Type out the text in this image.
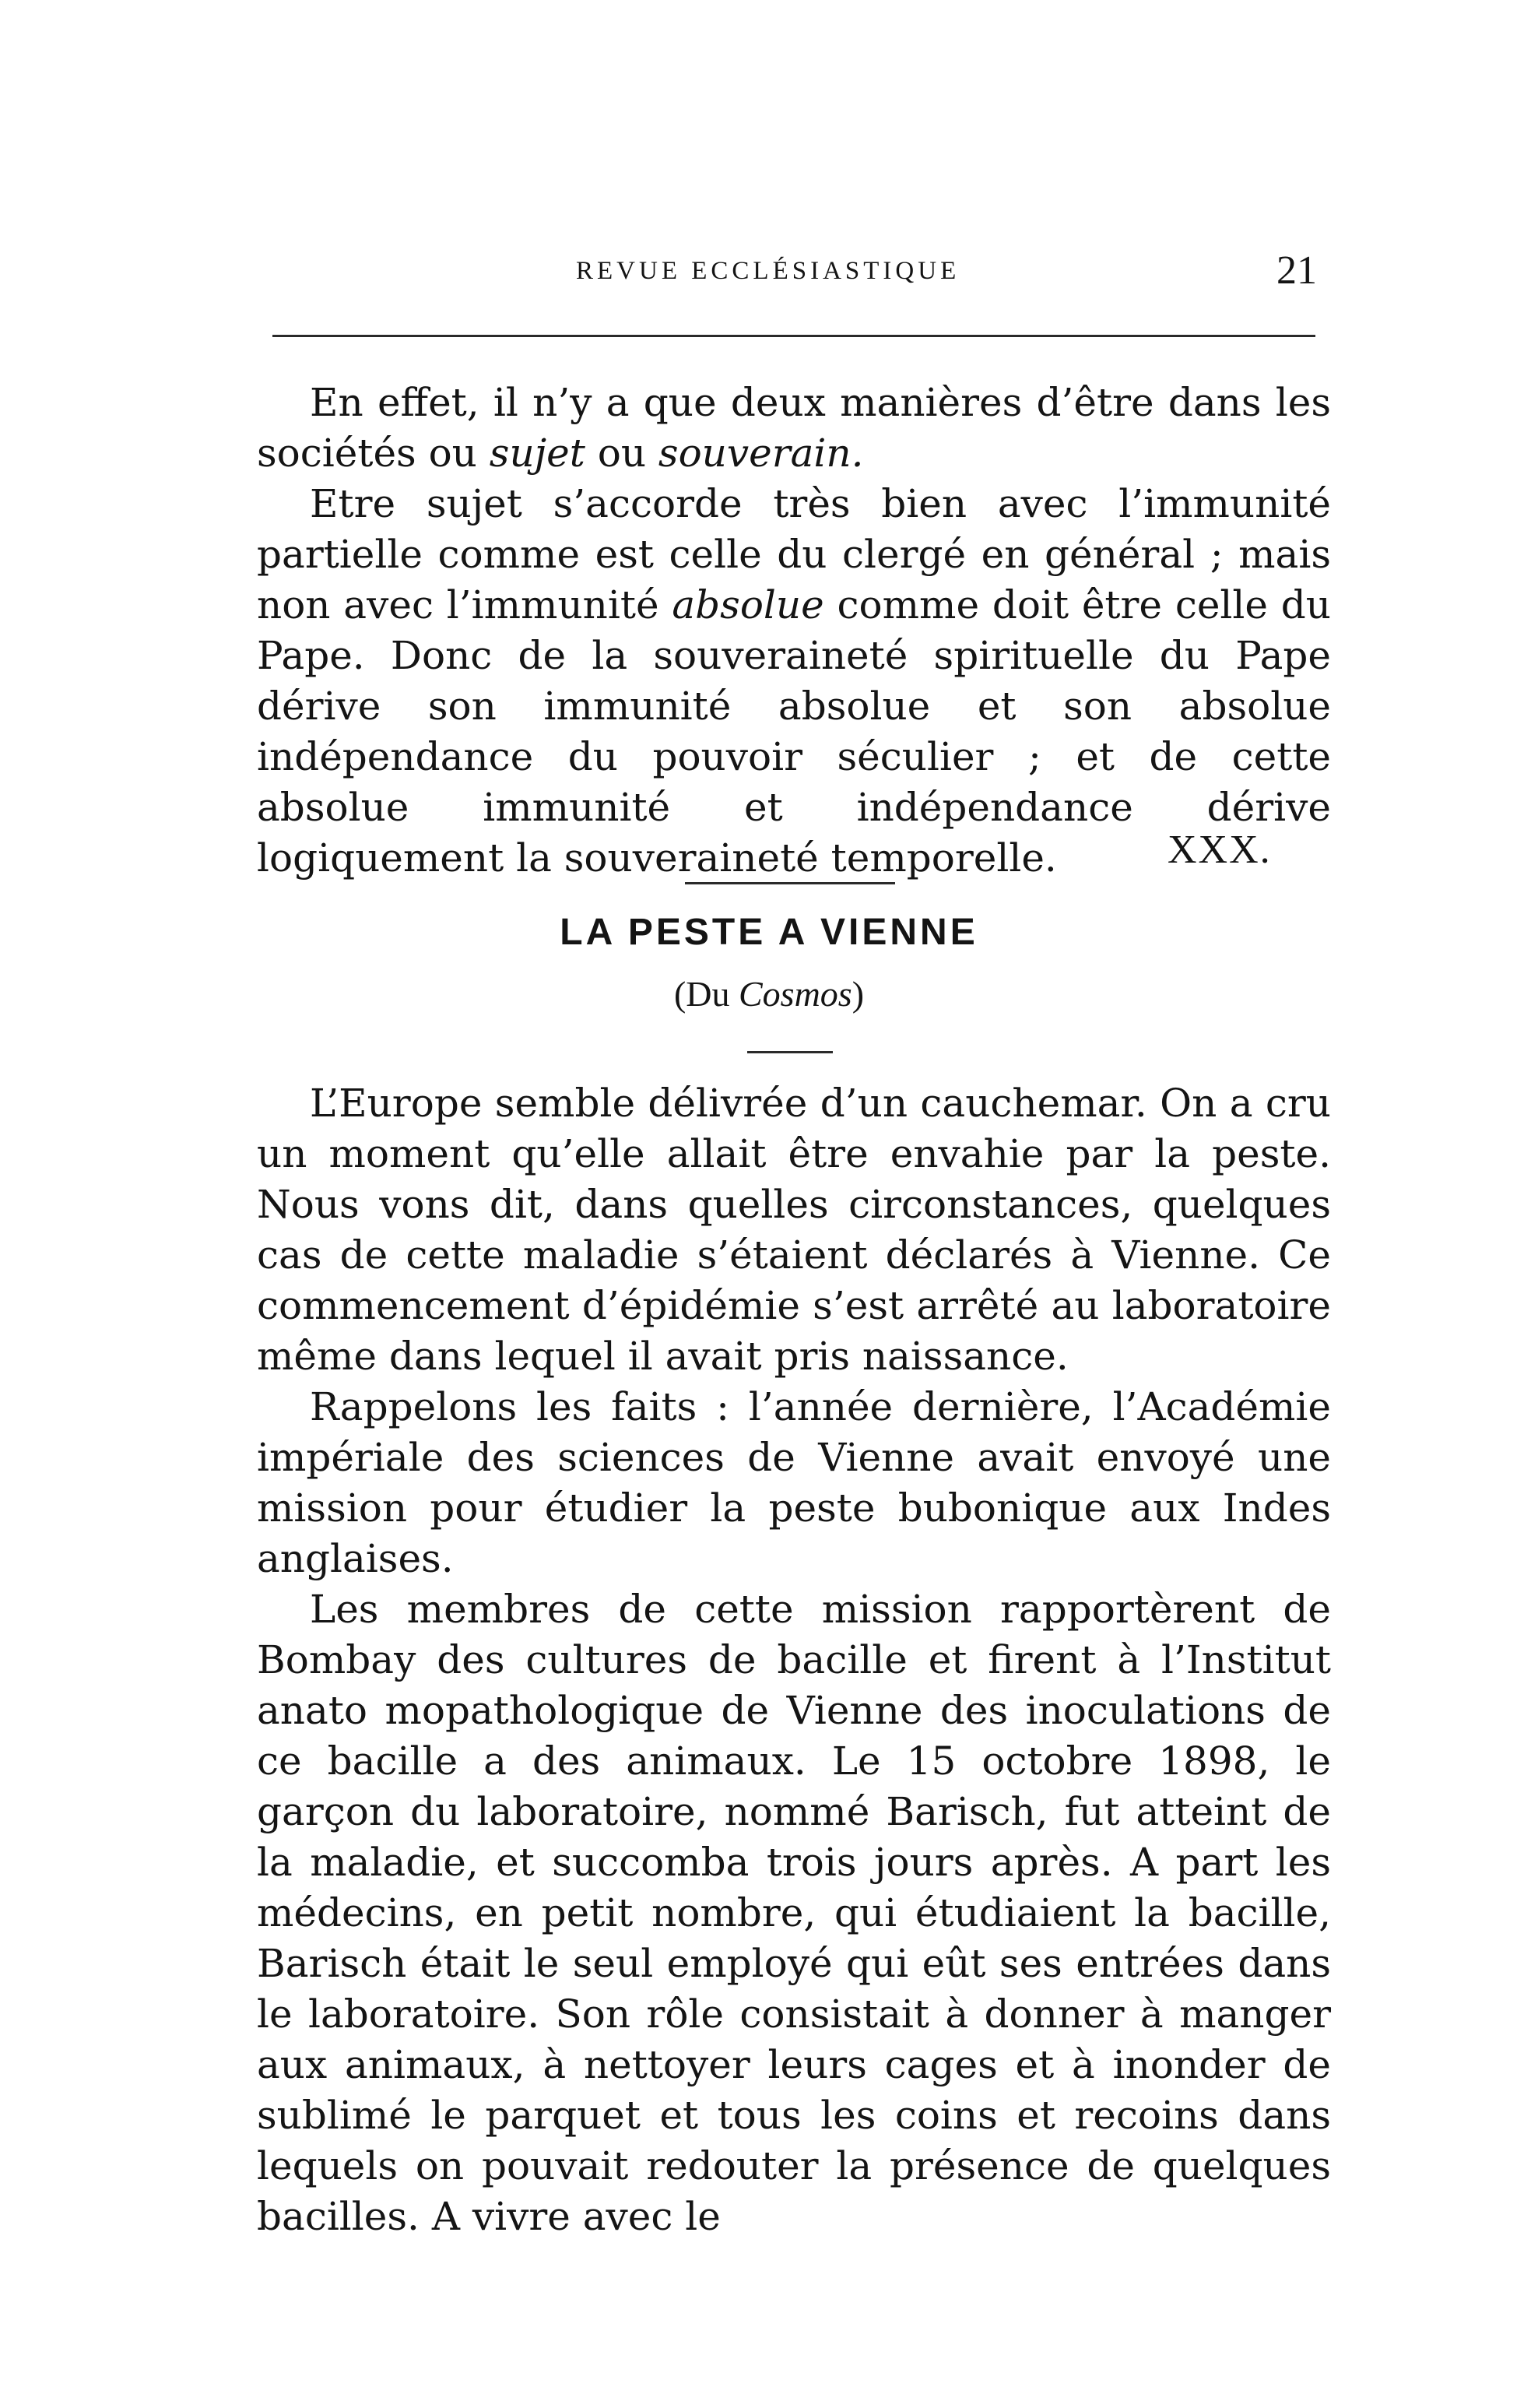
REVUE ECCLÉSIASTIQUE	21

En effet, il n’y a que deux manières d’être dans les sociétés ou sujet ou souverain.

Etre sujet s’accorde très bien avec l’immunité partielle comme est celle du clergé en général ; mais non avec l’immunité absolue comme doit être celle du Pape. Donc de la souveraineté spirituelle du Pape dérive son immunité absolue et son absolue indépendance du pouvoir séculier ; et de cette absolue immunité et indépendance dérive logiquement la souveraineté temporelle.	XXX.
LA PESTE A VIENNE
(Du Cosmos)

L’Europe semble délivrée d’un cauchemar. On a cru un moment qu’elle allait être envahie par la peste. Nous vons dit, dans quelles circonstances, quelques cas de cette maladie s’étaient déclarés à Vienne. Ce commencement d’épidémie s’est arrêté au laboratoire même dans lequel il avait pris naissance.

Rappelons les faits : l’année dernière, l’Académie impériale des sciences de Vienne avait envoyé une mission pour étudier la peste bubonique aux Indes anglaises.

Les membres de cette mission rapportèrent de Bombay des cultures de bacille et firent à l’Institut anato mopathologique de Vienne des inoculations de ce bacille a des animaux. Le 15 octobre 1898, le garçon du laboratoire, nommé Barisch, fut atteint de la maladie, et succomba trois jours après. A part les médecins, en petit nombre, qui étudiaient la bacille, Barisch était le seul employé qui eût ses entrées dans le laboratoire. Son rôle consistait à donner à manger aux animaux, à nettoyer leurs cages et à inonder de sublimé le parquet et tous les coins et recoins dans lequels on pouvait redouter la présence de quelques bacilles. A vivre avec le
